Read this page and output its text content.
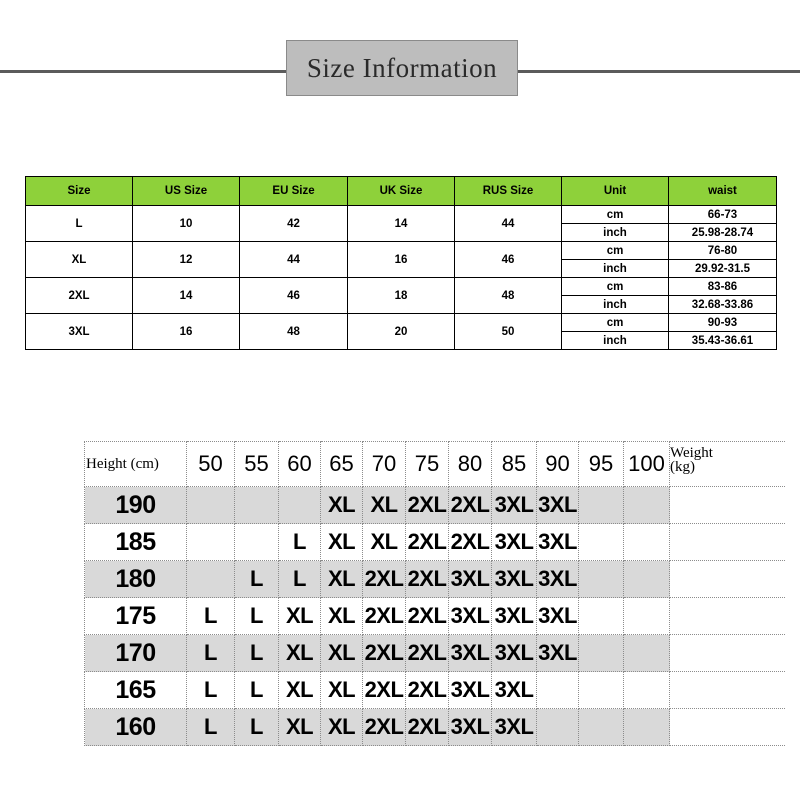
Size Information
Size	US Size	EU Size	UK Size	RUS Size	Unit	waist
L	10	42	14	44	cm	66-73
					inch	25.98-28.74
XL	12	44	16	46	cm	76-80
					inch	29.92-31.5
2XL	14	46	18	48	cm	83-86
					inch	32.68-33.86
3XL	16	48	20	50	cm	90-93
					inch	35.43-36.61
Height (cm)	50	55	60	65	70	75	80	85	90	95	100	Weight
(kg)
190				XL	XL	2XL	2XL	3XL	3XL			
185			L	XL	XL	2XL	2XL	3XL	3XL			
180		L	L	XL	2XL	2XL	3XL	3XL	3XL			
175	L	L	XL	XL	2XL	2XL	3XL	3XL	3XL			
170	L	L	XL	XL	2XL	2XL	3XL	3XL	3XL			
165	L	L	XL	XL	2XL	2XL	3XL	3XL				
160	L	L	XL	XL	2XL	2XL	3XL	3XL				
